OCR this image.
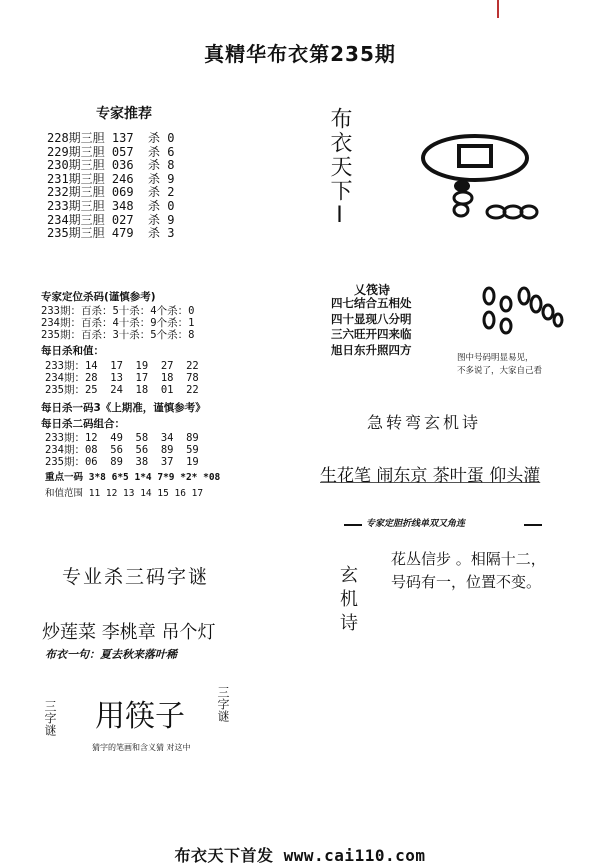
真精华布衣第235期
专家推荐
228期三胆 137  杀 0
229期三胆 057  杀 6
230期三胆 036  杀 8
231期三胆 246  杀 9
232期三胆 069  杀 2
233期三胆 348  杀 0
234期三胆 027  杀 9
235期三胆 479  杀 3
专家定位杀码(谨慎参考)
233期：百杀：5十杀：4个杀：0
234期：百杀：4十杀：9个杀：1
235期：百杀：3十杀：5个杀：8
每日杀和值：
233期：14  17  19  27  22
234期：28  13  17  18  78
235期：25  24  18  01  22
每日杀一码3《上期准，谨慎参考》
每日杀二码组合：
233期：12  49  58  34  89
234期：08  56  56  89  59
235期：06  89  38  37  19
重点一码 3*8 6*5 1*4 7*9 *2* *08
和值范围 11 12 13 14 15 16 17
专业杀三码字谜
炒莲菜 李桃章 吊个灯
布衣一句：夏去秋来落叶稀
三字谜 用筷子	三字谜
猜字的笔画和含义猜 对这中
布衣天下I
乂筏诗
四七结合五相处
四十显现八分明
三六旺开四来临
旭日东升照四方
图中号码明显易见，
不多说了，大家自己看
急转弯玄机诗
生花笔 闹东京 茶叶蛋 仰头灌
专家定胆折线单双又角连
玄机诗
花丛信步 。相隔十二，
号码有一，位置不变。
布衣天下首发 www.cai110.com
